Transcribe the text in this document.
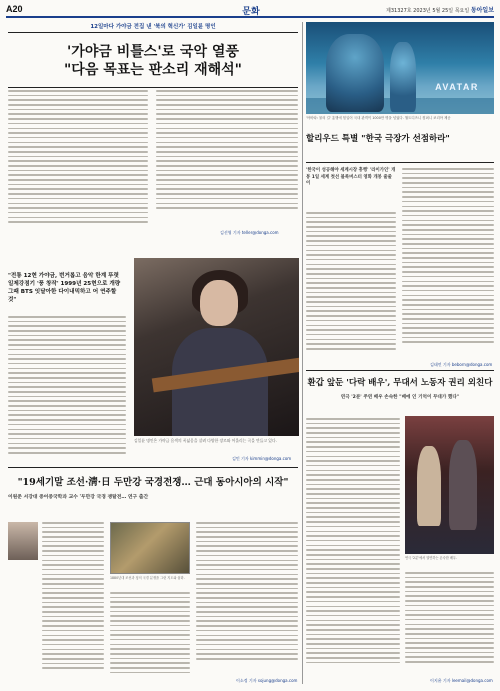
A20	문화	제31327호 2023년 5월 25일 목요일 동아일보
12일마다 가야금 전집 낸 '북의 혁신가' 김일륜 명인
'가야금 비틀스'로 국악 열풍
"다음 목표는 판소리 재해석"
김선영 기자 teller@donga.com
"전통 12현 가야금, 번거롭고 음악 한계 뚜렷 일제강점기 '풍 창작' 1999년 25현으로 개량 그때 BTS 잇달아한 다이내믹하고 어 연주할 것"
김일륜 명인은 가야금 음색의 폭넓음을 살려 다양한 장르와 어울리는 곡을 만들고 있다.
김민 기자 kimmin@donga.com
"19세기말 조선·淸·日 두만강 국경전쟁… 근대 동아시아의 시작"
이원준 서강대 중어중국학과 교수 '두만강 국경 쟁탈전… 연구 출간
1880년대 조선과 청의 국경 분쟁을 그린 지도와 삽화.
이소정 기자 sojung@donga.com
AVATAR
'아바타: 물의 길' 흥행에 힘입어 국내 관객이 1000만 명을 넘었다. 월트디즈니 컴퍼니 코리아 제공
할리우드 특별 "한국 극장가 선점하라"
'한국이 성공해야 세계시장 흥행' '라이가인' 개봉 1일 세계 첫선 블록버스터 영화 개봉 줄줄이
김태언 기자 beborn@donga.com
환갑 앞둔 '다락 배우', 무대서 노동자 권리 외친다
연극 '2분' 주연 배우 손숙한 "배에 인 기억이 무대가 했다"
연극 '2분'에서 열연하는 손숙한 배우.
이지윤 기자 leemail@donga.com
